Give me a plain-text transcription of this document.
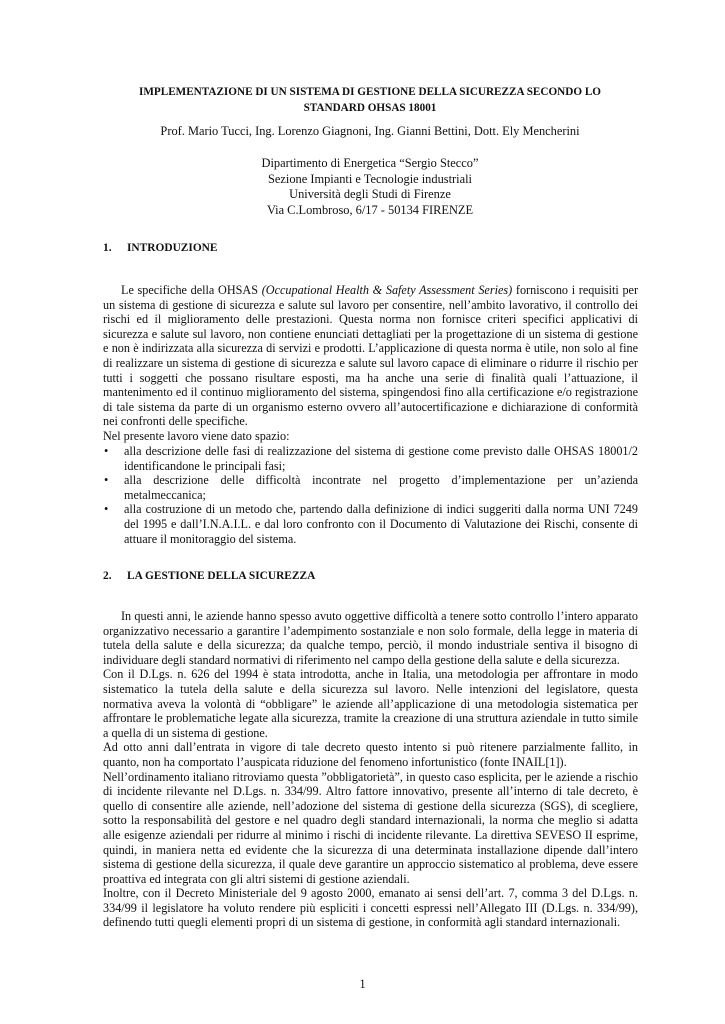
IMPLEMENTAZIONE DI UN SISTEMA DI GESTIONE DELLA SICUREZZA SECONDO LO
STANDARD OHSAS 18001
Prof. Mario Tucci, Ing. Lorenzo Giagnoni, Ing. Gianni Bettini, Dott. Ely Mencherini
Dipartimento di Energetica “Sergio Stecco”
Sezione Impianti e Tecnologie industriali
Università degli Studi di Firenze
Via C.Lombroso, 6/17 - 50134 FIRENZE
1. INTRODUZIONE
Le specifiche della OHSAS (Occupational Health & Safety Assessment Series) forniscono i requisiti per
un sistema di gestione di sicurezza e salute sul lavoro per consentire, nell’ambito lavorativo, il controllo dei
rischi ed il miglioramento delle prestazioni. Questa norma non fornisce criteri specifici applicativi di
sicurezza e salute sul lavoro, non contiene enunciati dettagliati per la progettazione di un sistema di gestione
e non è indirizzata alla sicurezza di servizi e prodotti. L’applicazione di questa norma è utile, non solo al fine
di realizzare un sistema di gestione di sicurezza e salute sul lavoro capace di eliminare o ridurre il rischio per
tutti i soggetti che possano risultare esposti, ma ha anche una serie di finalità quali l’attuazione, il
mantenimento ed il continuo miglioramento del sistema, spingendosi fino alla certificazione e/o registrazione
di tale sistema da parte di un organismo esterno ovvero all’autocertificazione e dichiarazione di conformità
nei confronti delle specifiche.
Nel presente lavoro viene dato spazio:
• alla descrizione delle fasi di realizzazione del sistema di gestione come previsto dalle OHSAS 18001/2
identificandone le principali fasi;
• alla descrizione delle difficoltà incontrate nel progetto d’implementazione per un’azienda
metalmeccanica;
• alla costruzione di un metodo che, partendo dalla definizione di indici suggeriti dalla norma UNI 7249
del 1995 e dall’I.N.A.I.L. e dal loro confronto con il Documento di Valutazione dei Rischi, consente di
attuare il monitoraggio del sistema.
2. LA GESTIONE DELLA SICUREZZA
In questi anni, le aziende hanno spesso avuto oggettive difficoltà a tenere sotto controllo l’intero apparato
organizzativo necessario a garantire l’adempimento sostanziale e non solo formale, della legge in materia di
tutela della salute e della sicurezza; da qualche tempo, perciò, il mondo industriale sentiva il bisogno di
individuare degli standard normativi di riferimento nel campo della gestione della salute e della sicurezza.
Con il D.Lgs. n. 626 del 1994 è stata introdotta, anche in Italia, una metodologia per affrontare in modo
sistematico la tutela della salute e della sicurezza sul lavoro. Nelle intenzioni del legislatore, questa
normativa aveva la volontà di “obbligare” le aziende all’applicazione di una metodologia sistematica per
affrontare le problematiche legate alla sicurezza, tramite la creazione di una struttura aziendale in tutto simile
a quella di un sistema di gestione.
Ad otto anni dall’entrata in vigore di tale decreto questo intento si può ritenere parzialmente fallito, in
quanto, non ha comportato l’auspicata riduzione del fenomeno infortunistico (fonte INAIL[1]).
Nell’ordinamento italiano ritroviamo questa ”obbligatorietà”, in questo caso esplicita, per le aziende a rischio
di incidente rilevante nel D.Lgs. n. 334/99. Altro fattore innovativo, presente all’interno di tale decreto, è
quello di consentire alle aziende, nell’adozione del sistema di gestione della sicurezza (SGS), di scegliere,
sotto la responsabilità del gestore e nel quadro degli standard internazionali, la norma che meglio si adatta
alle esigenze aziendali per ridurre al minimo i rischi di incidente rilevante. La direttiva SEVESO II esprime,
quindi, in maniera netta ed evidente che la sicurezza di una determinata installazione dipende dall’intero
sistema di gestione della sicurezza, il quale deve garantire un approccio sistematico al problema, deve essere
proattiva ed integrata con gli altri sistemi di gestione aziendali.
Inoltre, con il Decreto Ministeriale del 9 agosto 2000, emanato ai sensi dell’art. 7, comma 3 del D.Lgs. n.
334/99 il legislatore ha voluto rendere più espliciti i concetti espressi nell’Allegato III (D.Lgs. n. 334/99),
definendo tutti quegli elementi propri di un sistema di gestione, in conformità agli standard internazionali.
1
